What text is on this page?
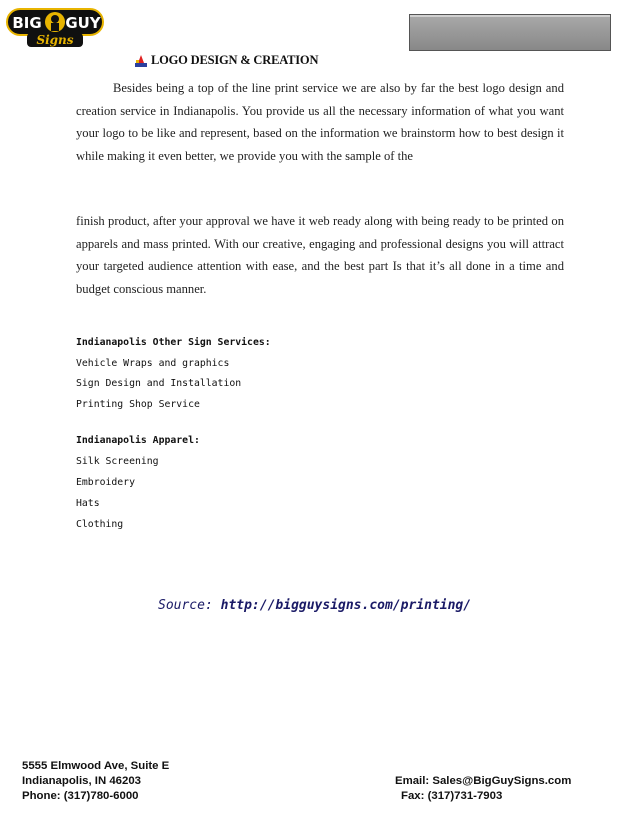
BIG GUY
Signs
LOGO DESIGN & CREATION

Besides being a top of the line print service we are also by far the best logo design and creation service in Indianapolis. You provide us all the necessary information of what you want your logo to be like and represent, based on the information we brainstorm how to best design it while making it even better, we provide you with the sample of the

finish product, after your approval we have it web ready along with being ready to be printed on apparels and mass printed. With our creative, engaging and professional designs you will attract your targeted audience attention with ease, and the best part Is that it’s all done in a time and budget conscious manner.

Indianapolis Other Sign Services:
Vehicle Wraps and graphics
Sign Design and Installation
Printing Shop Service
Indianapolis Apparel:
Silk Screening
Embroidery
Hats
Clothing
Source: http://bigguysigns.com/printing/
5555 Elmwood Ave, Suite E
Indianapolis, IN 46203
Phone: (317)780-6000
Email: Sales@BigGuySigns.com
Fax: (317)731-7903
